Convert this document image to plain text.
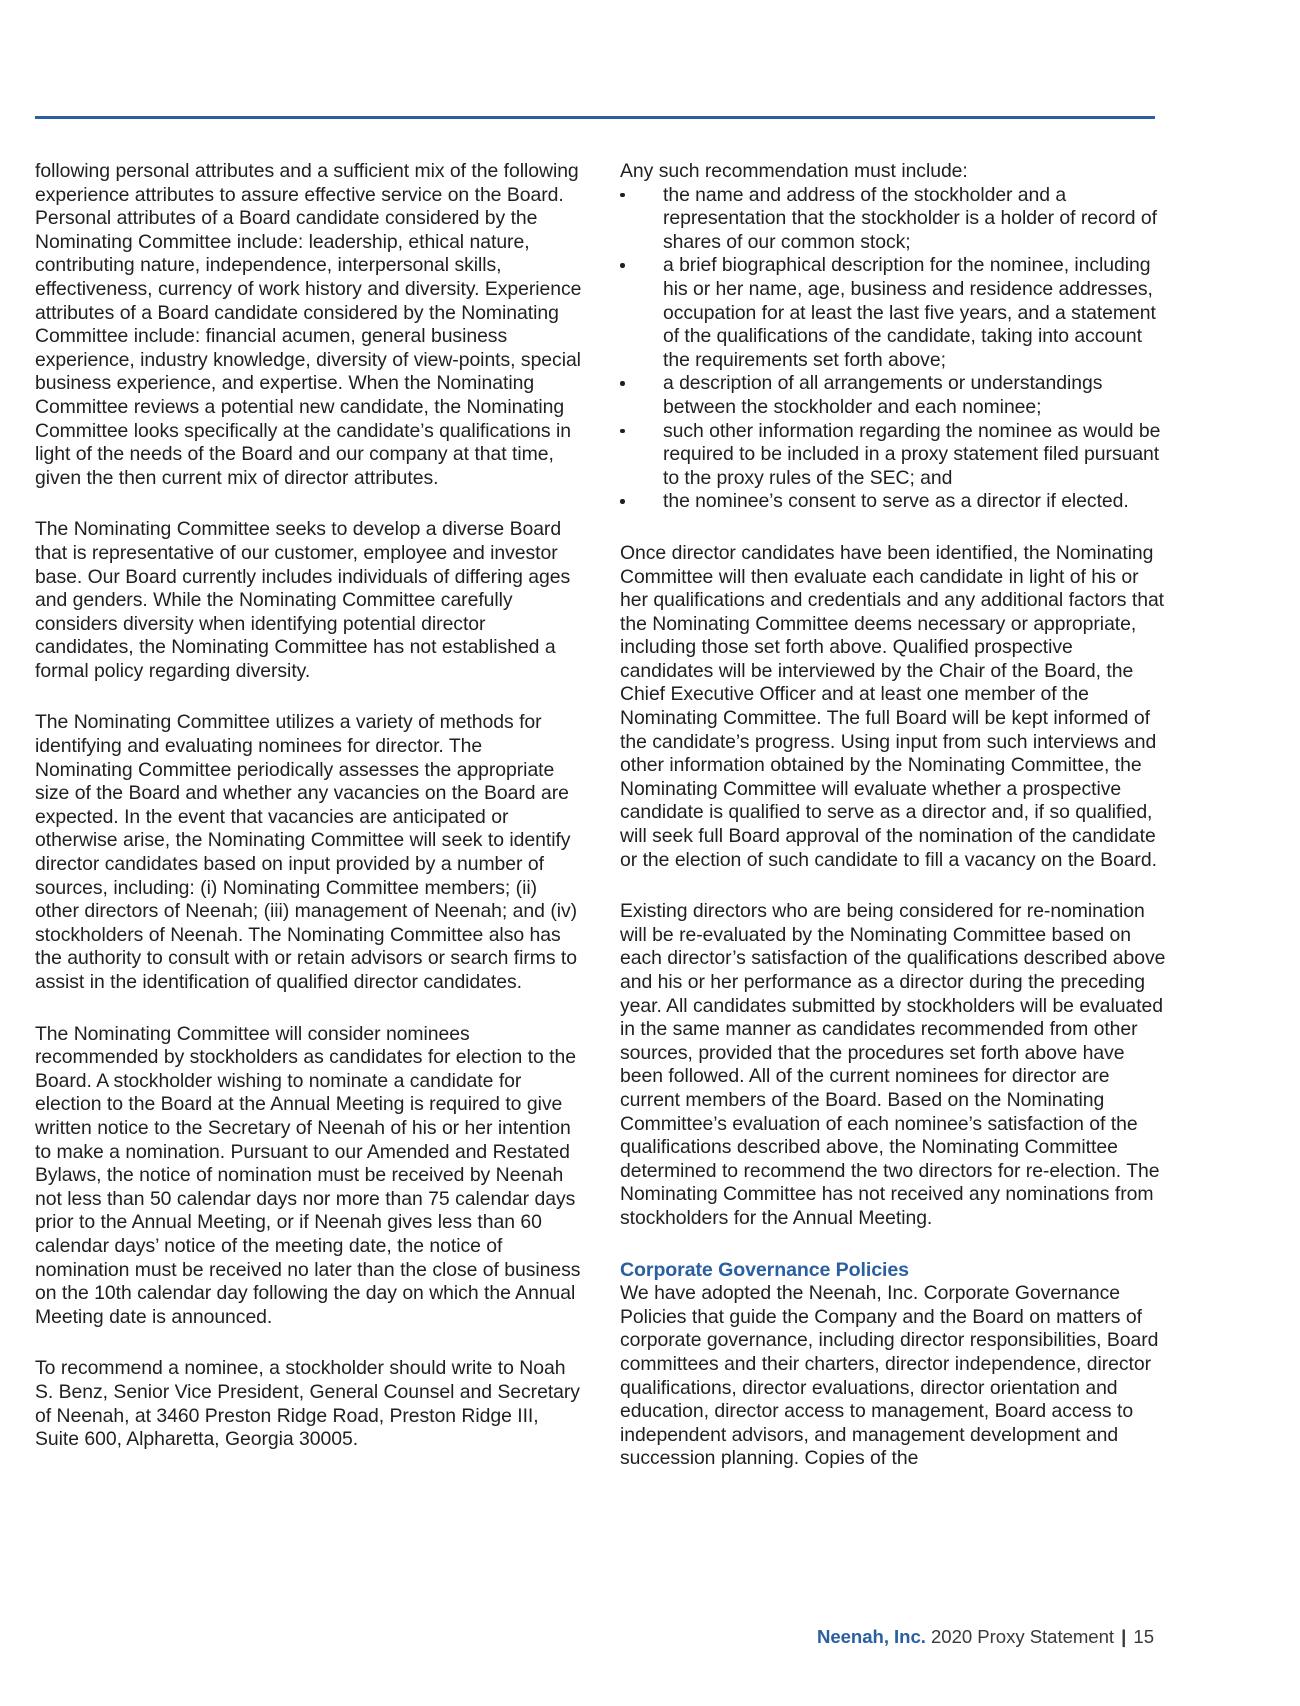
following personal attributes and a sufficient mix of the following experience attributes to assure effective service on the Board. Personal attributes of a Board candidate considered by the Nominating Committee include: leadership, ethical nature, contributing nature, independence, interpersonal skills, effectiveness, currency of work history and diversity. Experience attributes of a Board candidate considered by the Nominating Committee include: financial acumen, general business experience, industry knowledge, diversity of view-points, special business experience, and expertise. When the Nominating Committee reviews a potential new candidate, the Nominating Committee looks specifically at the candidate’s qualifications in light of the needs of the Board and our company at that time, given the then current mix of director attributes.

The Nominating Committee seeks to develop a diverse Board that is representative of our customer, employee and investor base. Our Board currently includes individuals of differing ages and genders. While the Nominating Committee carefully considers diversity when identifying potential director candidates, the Nominating Committee has not established a formal policy regarding diversity.

The Nominating Committee utilizes a variety of methods for identifying and evaluating nominees for director. The Nominating Committee periodically assesses the appropriate size of the Board and whether any vacancies on the Board are expected. In the event that vacancies are anticipated or otherwise arise, the Nominating Committee will seek to identify director candidates based on input provided by a number of sources, including: (i) Nominating Committee members; (ii) other directors of Neenah; (iii) management of Neenah; and (iv) stockholders of Neenah. The Nominating Committee also has the authority to consult with or retain advisors or search firms to assist in the identification of qualified director candidates.

The Nominating Committee will consider nominees recommended by stockholders as candidates for election to the Board. A stockholder wishing to nominate a candidate for election to the Board at the Annual Meeting is required to give written notice to the Secretary of Neenah of his or her intention to make a nomination. Pursuant to our Amended and Restated Bylaws, the notice of nomination must be received by Neenah not less than 50 calendar days nor more than 75 calendar days prior to the Annual Meeting, or if Neenah gives less than 60 calendar days’ notice of the meeting date, the notice of nomination must be received no later than the close of business on the 10th calendar day following the day on which the Annual Meeting date is announced.

To recommend a nominee, a stockholder should write to Noah S. Benz, Senior Vice President, General Counsel and Secretary of Neenah, at 3460 Preston Ridge Road, Preston Ridge III, Suite 600, Alpharetta, Georgia 30005.

Any such recommendation must include:

the name and address of the stockholder and a representation that the stockholder is a holder of record of shares of our common stock;
a brief biographical description for the nominee, including his or her name, age, business and residence addresses, occupation for at least the last five years, and a statement of the qualifications of the candidate, taking into account the requirements set forth above;
a description of all arrangements or understandings between the stockholder and each nominee;
such other information regarding the nominee as would be required to be included in a proxy statement filed pursuant to the proxy rules of the SEC; and
the nominee’s consent to serve as a director if elected.

Once director candidates have been identified, the Nominating Committee will then evaluate each candidate in light of his or her qualifications and credentials and any additional factors that the Nominating Committee deems necessary or appropriate, including those set forth above. Qualified prospective candidates will be interviewed by the Chair of the Board, the Chief Executive Officer and at least one member of the Nominating Committee. The full Board will be kept informed of the candidate’s progress. Using input from such interviews and other information obtained by the Nominating Committee, the Nominating Committee will evaluate whether a prospective candidate is qualified to serve as a director and, if so qualified, will seek full Board approval of the nomination of the candidate or the election of such candidate to fill a vacancy on the Board.

Existing directors who are being considered for re-nomination will be re-evaluated by the Nominating Committee based on each director’s satisfaction of the qualifications described above and his or her performance as a director during the preceding year. All candidates submitted by stockholders will be evaluated in the same manner as candidates recommended from other sources, provided that the procedures set forth above have been followed. All of the current nominees for director are current members of the Board. Based on the Nominating Committee’s evaluation of each nominee’s satisfaction of the qualifications described above, the Nominating Committee determined to recommend the two directors for re-election. The Nominating Committee has not received any nominations from stockholders for the Annual Meeting.

Corporate Governance Policies

We have adopted the Neenah, Inc. Corporate Governance Policies that guide the Company and the Board on matters of corporate governance, including director responsibilities, Board committees and their charters, director independence, director qualifications, director evaluations, director orientation and education, director access to management, Board access to independent advisors, and management development and succession planning. Copies of the

Neenah, Inc. 2020 Proxy Statement | 15
